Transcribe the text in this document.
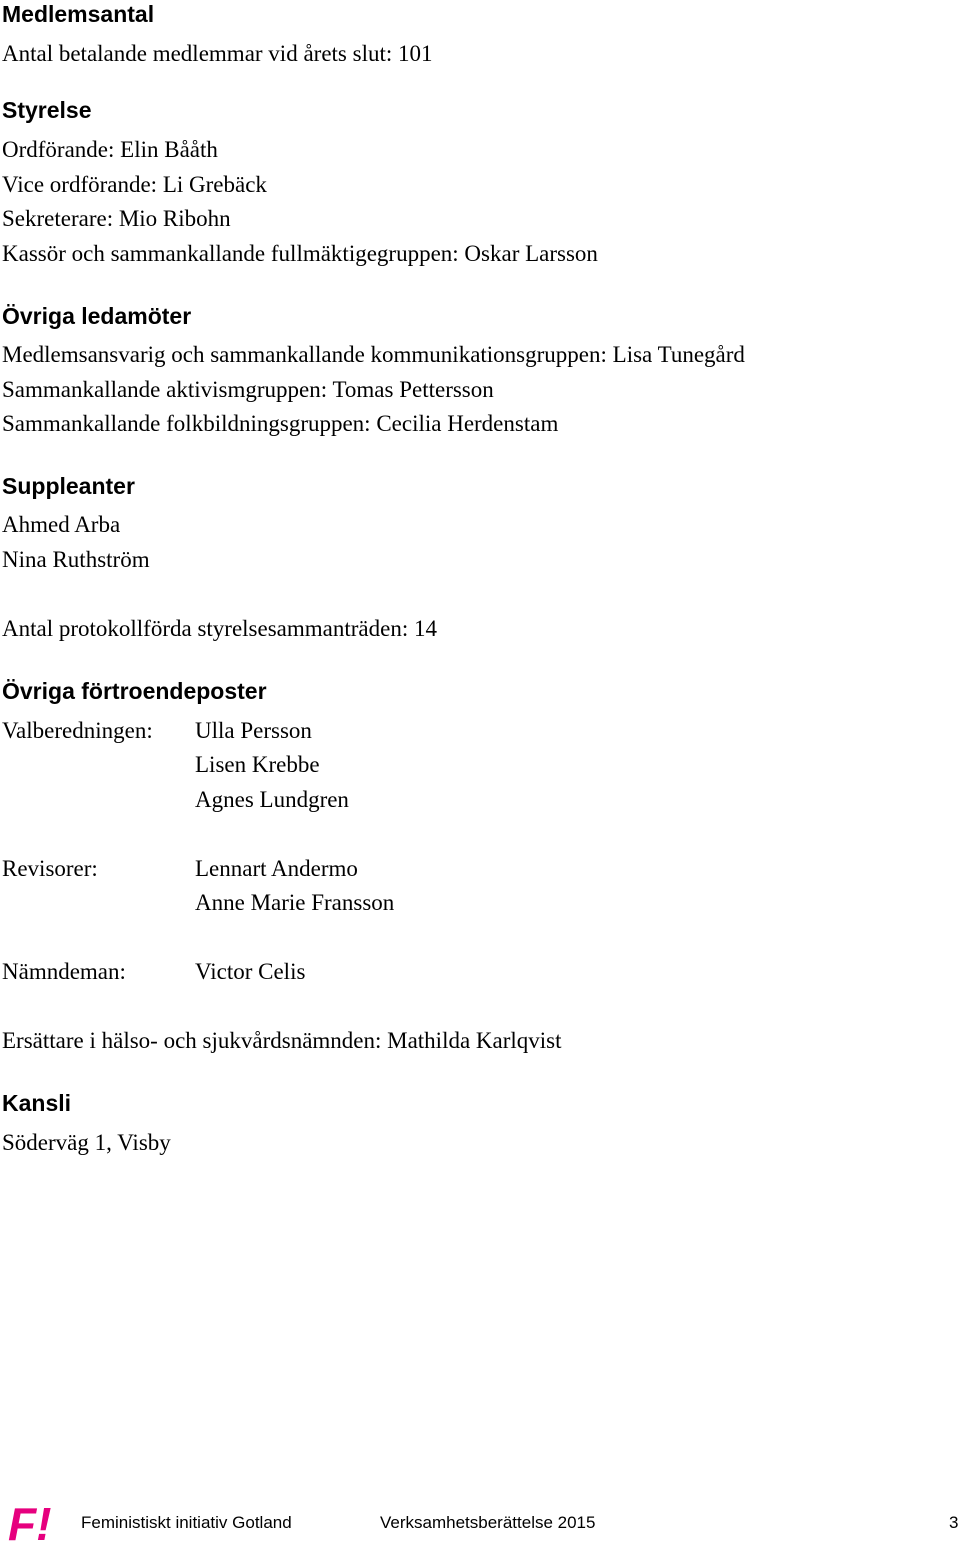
Medlemsantal

Antal betalande medlemmar vid årets slut: 101

Styrelse

Ordförande: Elin Bååth

Vice ordförande: Li Grebäck

Sekreterare: Mio Ribohn

Kassör och sammankallande fullmäktigegruppen: Oskar Larsson

Övriga ledamöter

Medlemsansvarig och sammankallande kommunikationsgruppen: Lisa Tunegård

Sammankallande aktivismgruppen: Tomas Pettersson

Sammankallande folkbildningsgruppen: Cecilia Herdenstam

Suppleanter

Ahmed Arba

Nina Ruthström

Antal protokollförda styrelsesammanträden: 14

Övriga förtroendeposter

Valberedningen: Ulla Persson

Lisen Krebbe

Agnes Lundgren

Revisorer:	Lennart Andermo

Anne Marie Fransson

Nämndeman:	Victor Celis

Ersättare i hälso- och sjukvårdsnämnden: Mathilda Karlqvist

Kansli

Söderväg 1, Visby

F! Feministiskt initiativ Gotland	Verksamhetsberättelse 2015	3
